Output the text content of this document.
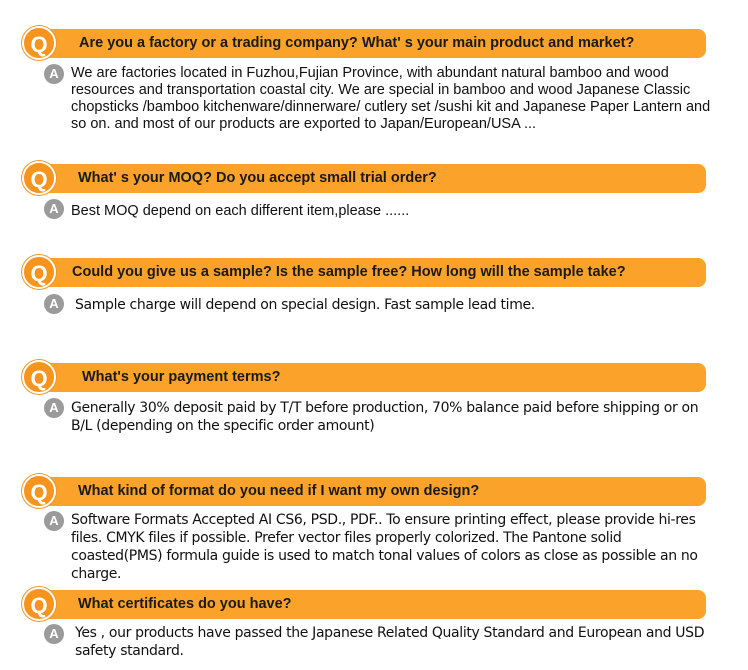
Q	Are you a factory or a trading company? What' s your main product and market?
A We are factories located in Fuzhou,Fujian Province, with abundant natural bamboo and wood resources and transportation coastal city. We are special in bamboo and wood Japanese Classic chopsticks /bamboo kitchenware/dinnerware/ cutlery set /sushi kit and Japanese Paper Lantern and so on. and most of our products are exported to Japan/European/USA ...
Q	What' s your MOQ? Do you accept small trial order?
A Best MOQ depend on each different item,please ......
Q	Could you give us a sample? Is the sample free? How long will the sample take?
A	Sample charge will depend on special design. Fast sample lead time.
Q	What's your payment terms?
A Generally 30% deposit paid by T/T before production, 70% balance paid before shipping or on B/L (depending on the specific order amount)
Q	What kind of format do you need if I want my own design?
A Software Formats Accepted AI CS6, PSD., PDF.. To ensure printing effect, please provide hi-res files. CMYK files if possible. Prefer vector files properly colorized. The Pantone solid coasted(PMS) formula guide is used to match tonal values of colors as close as possible an no charge.
Q	What certificates do you have?
A	Yes , our products have passed the Japanese Related Quality Standard and European and USD safety standard.
